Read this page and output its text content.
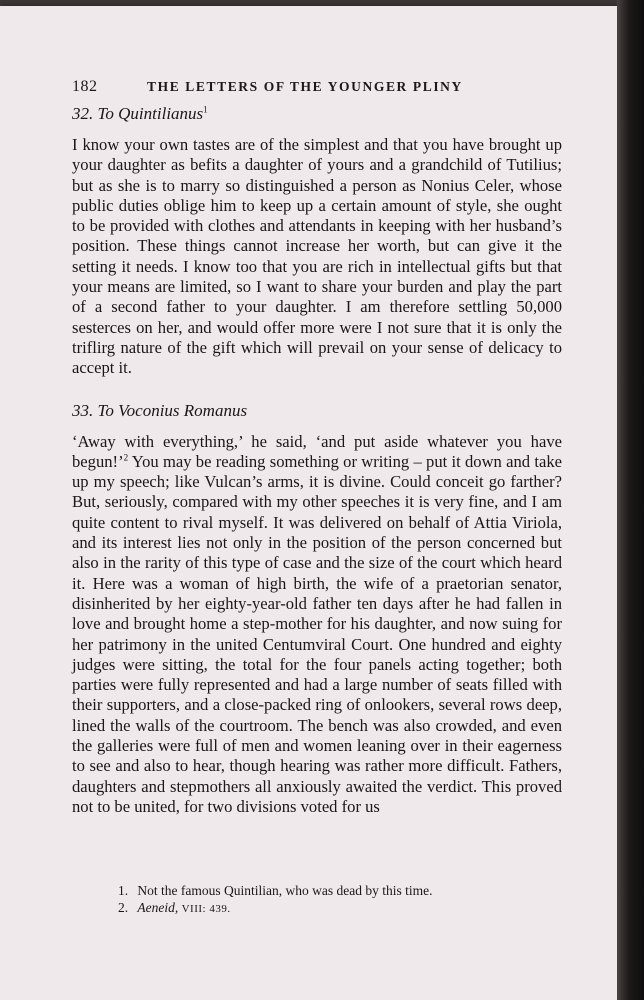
182	THE LETTERS OF THE YOUNGER PLINY
32. To Quintilianus$^1$

I know your own tastes are of the simplest and that you have brought up your daughter as befits a daughter of yours and a grandchild of Tutilius; but as she is to marry so distinguished a person as Nonius Celer, whose public duties oblige him to keep up a certain amount of style, she ought to be provided with clothes and attendants in keeping with her husband’s position. These things cannot increase her worth, but can give it the setting it needs. I know too that you are rich in intellectual gifts but that your means are limited, so I want to share your burden and play the part of a second father to your daughter. I am therefore settling 50,000 sesterces on her, and would offer more were I not sure that it is only the triflirg nature of the gift which will prevail on your sense of delicacy to accept it.

33. To Voconius Romanus

‘Away with everything,’ he said, ‘and put aside whatever you have begun!’$^2$ You may be reading something or writing – put it down and take up my speech; like Vulcan’s arms, it is divine. Could conceit go farther? But, seriously, compared with my other speeches it is very fine, and I am quite content to rival myself. It was delivered on behalf of Attia Viriola, and its interest lies not only in the position of the person concerned but also in the rarity of this type of case and the size of the court which heard it. Here was a woman of high birth, the wife of a praetorian senator, disinherited by her eighty-year-old father ten days after he had fallen in love and brought home a step-mother for his daughter, and now suing for her patrimony in the united Centumviral Court. One hundred and eighty judges were sitting, the total for the four panels acting together; both parties were fully represented and had a large number of seats filled with their supporters, and a close-packed ring of onlookers, several rows deep, lined the walls of the courtroom. The bench was also crowded, and even the galleries were full of men and women leaning over in their eagerness to see and also to hear, though hearing was rather more difficult. Fathers, daughters and stepmothers all anxiously awaited the verdict. This proved not to be united, for two divisions voted for us

1. Not the famous Quintilian, who was dead by this time.
2. Aeneid, VIII: 439.
